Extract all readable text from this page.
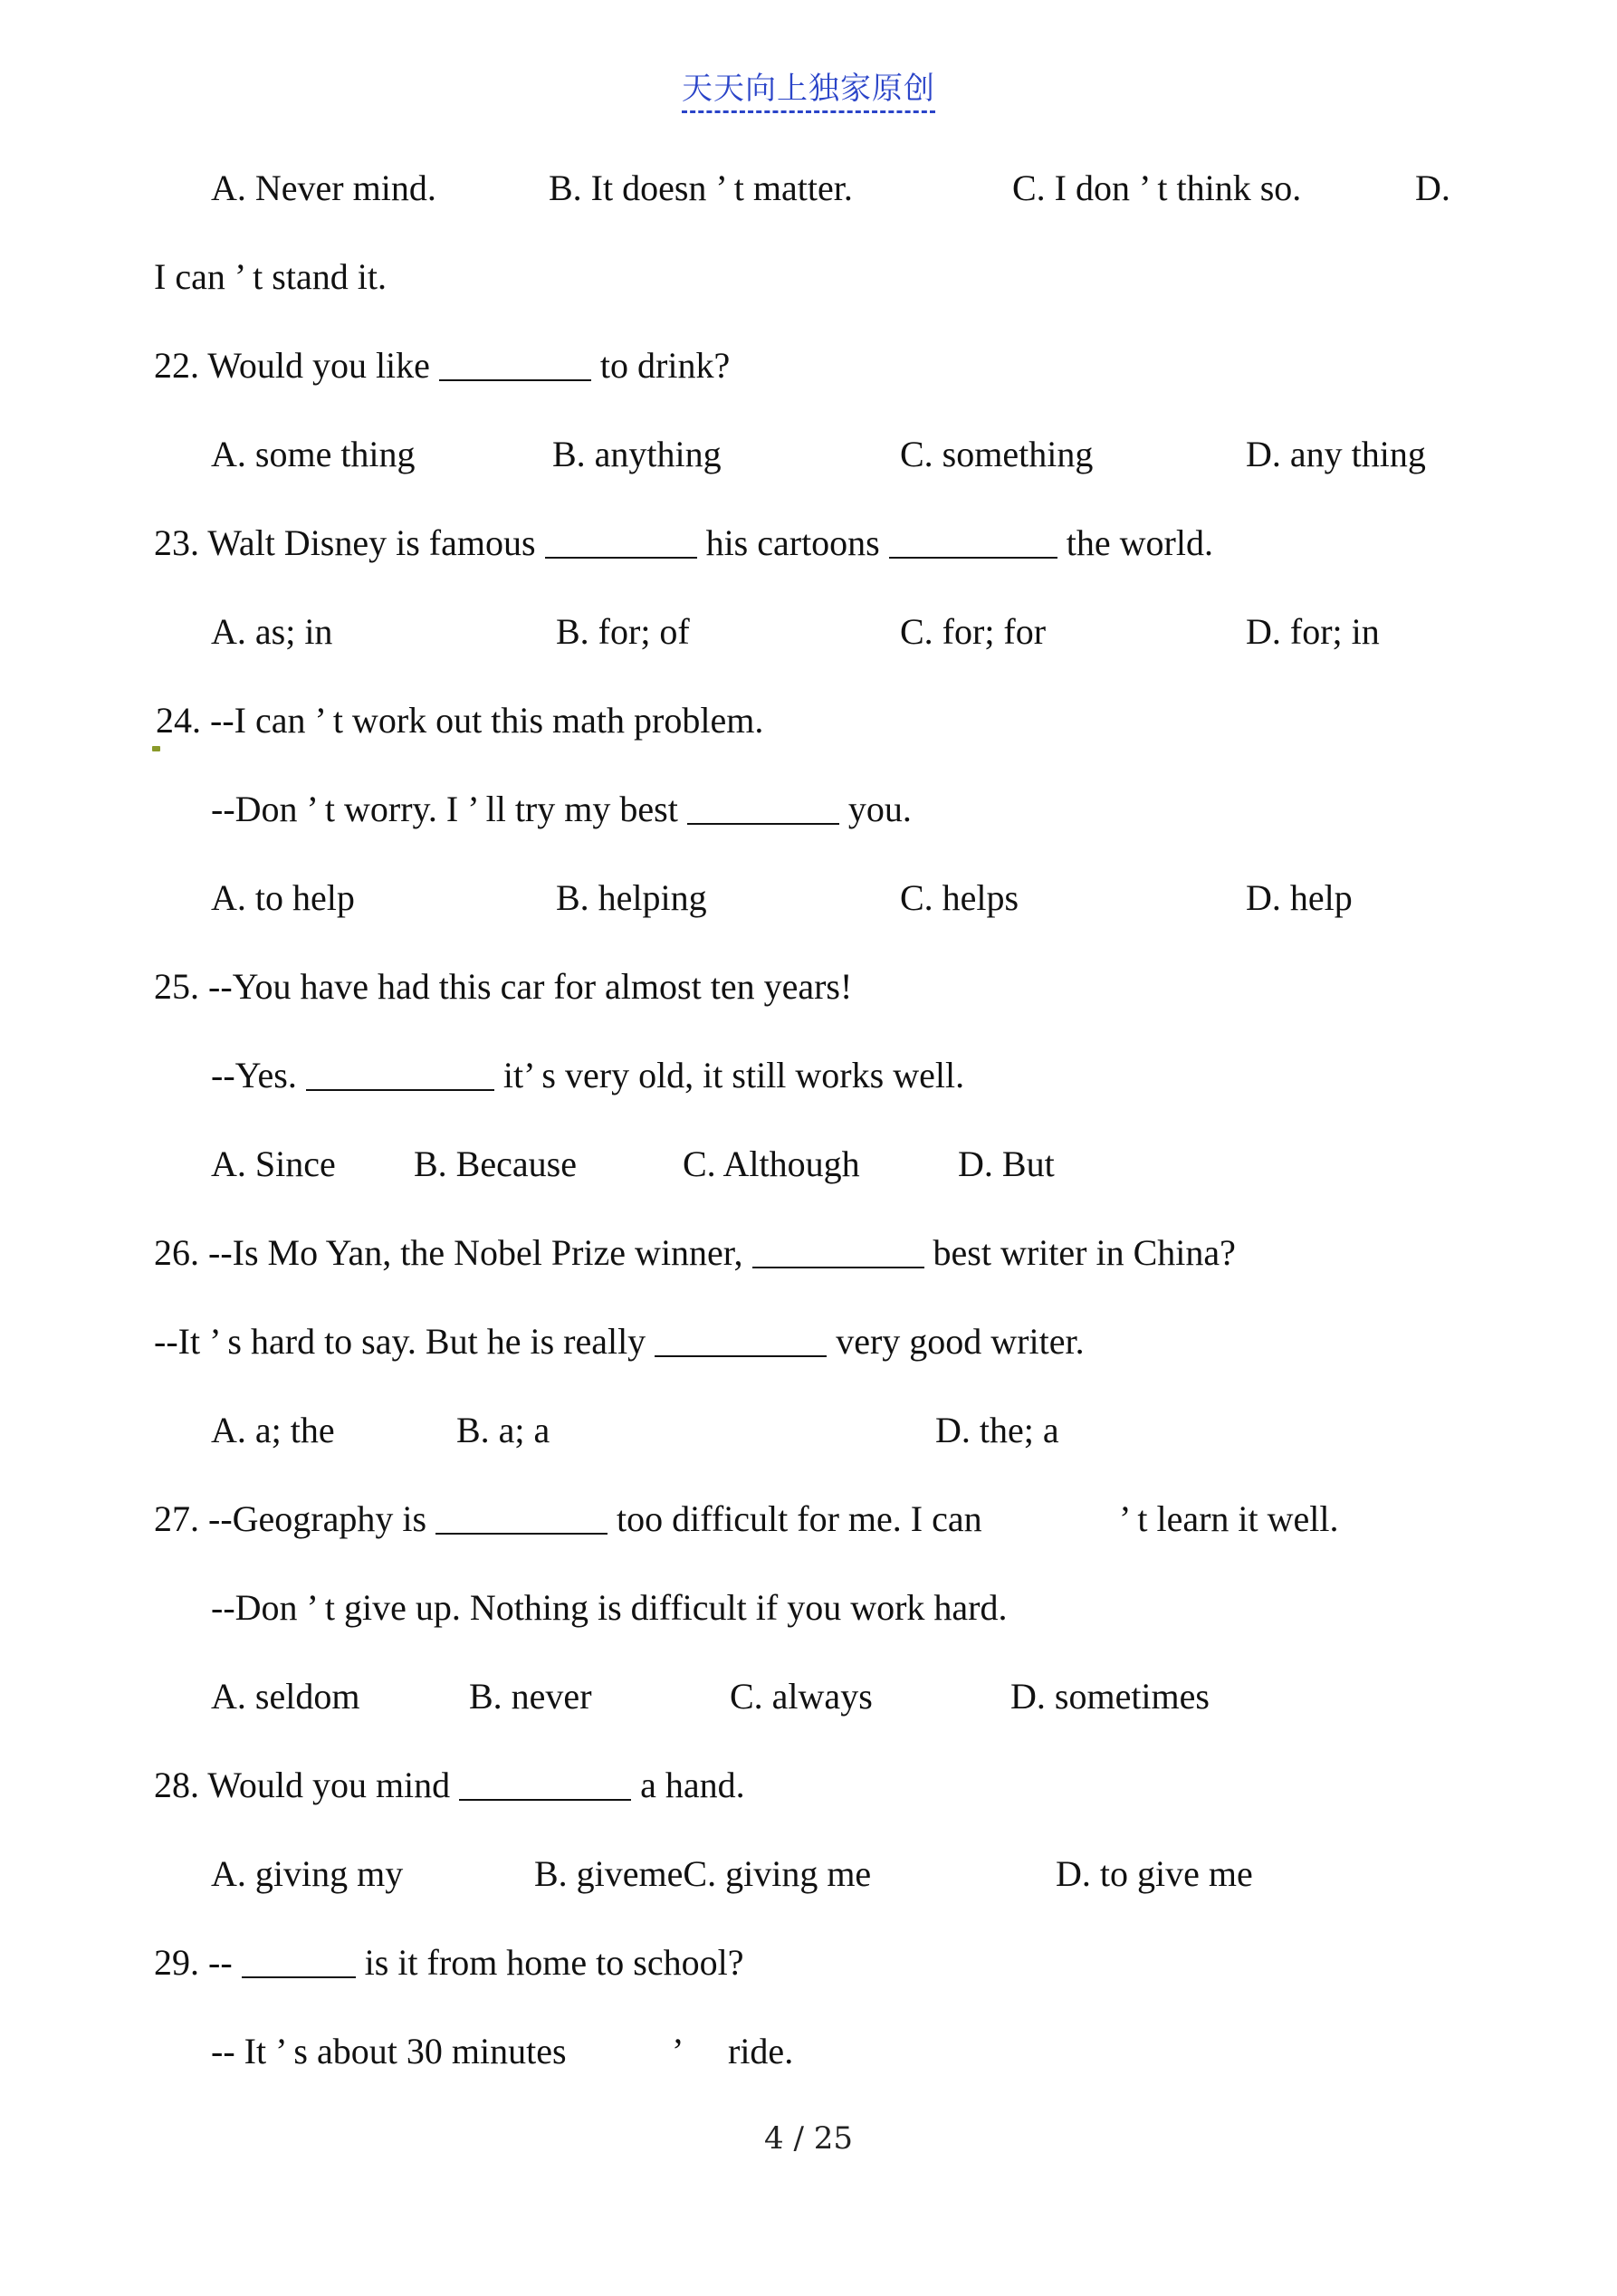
天天向上独家原创

A. Never mind.

	B. It doesn ’ t matter.

	C. I don ’ t think so.

	D.

I can ’ t stand it.

22. Would you like	to drink?

A. some thing

	B. anything

	C. something

	D. any thing

23. Walt Disney is famous	his cartoons	the world.

A. as; in

	B. for; of

	C. for; for

	D. for; in

24. --I can ’ t work out this math problem.

--Don ’ t worry. I ’ ll try my best	you.

A. to help

	B. helping

	C. helps

	D. help

25. --You have had this car for almost ten years!

--Yes.	it’ s very old, it still works well.

A. Since

B. Because

	C. Although

	D. But

26. --Is Mo Yan, the Nobel Prize winner,	best writer in China?

--It ’ s hard to say. But he is really	very good writer.

A. a; the

	B. a; a

	D. the; a

27. --Geography is	too difficult for me. I can

	’ t learn it well.

--Don ’ t give up. Nothing is difficult if you work hard.

A. seldom

	B. never

	C. always

	D. sometimes

28. Would you mind	a hand.

A. giving my

	B. givemeC. giving me

	D. to give me

29. --	is it from home to school?

-- It ’ s about 30 minutes

	’

ride.

4 / 25
